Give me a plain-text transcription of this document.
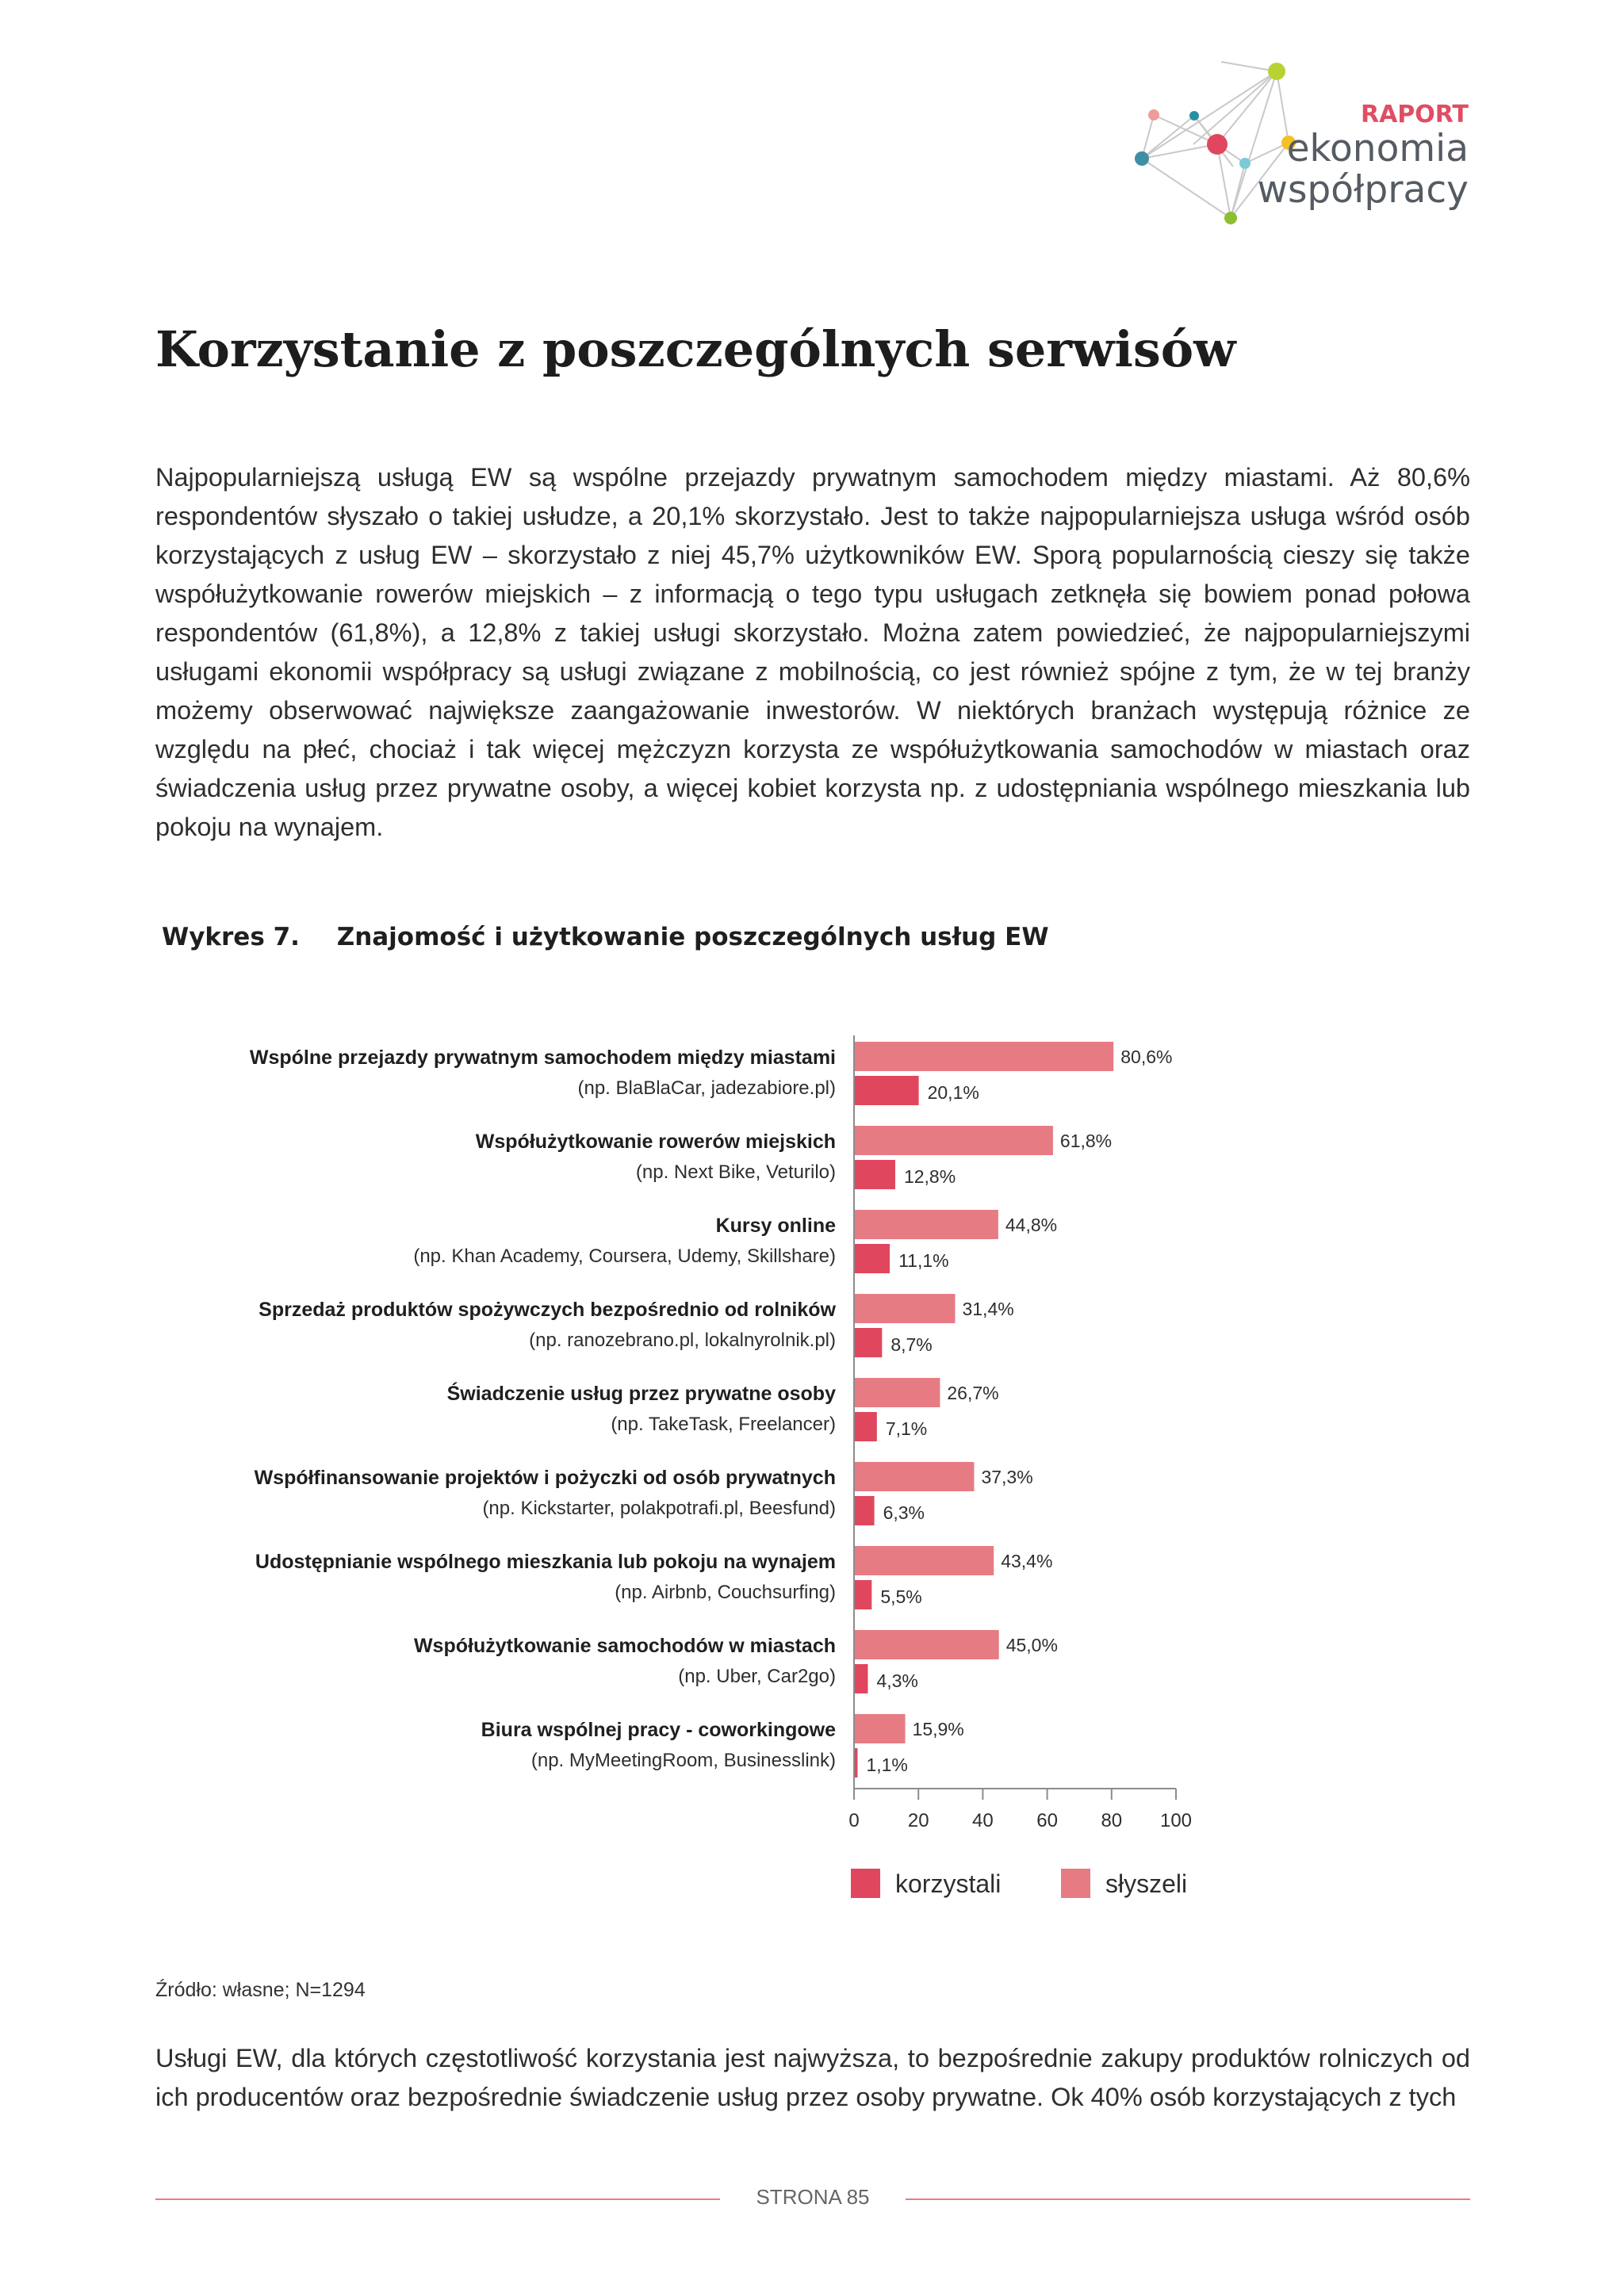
RAPORT
ekonomia
współpracy
Korzystanie z poszczególnych serwisów

Najpopularniejszą usługą EW są wspólne przejazdy prywatnym samochodem między miastami. Aż 80,6% respondentów słyszało o takiej usłudze, a 20,1% skorzystało. Jest to także najpopularniejsza usługa wśród osób korzystających z usług EW – skorzystało z niej 45,7% użytkowników EW. Sporą popularnością cieszy się także współużytkowanie rowerów miejskich – z informacją o tego typu usługach zetknęła się bowiem ponad połowa respondentów (61,8%), a 12,8% z takiej usługi skorzystało. Można zatem powiedzieć, że najpopularniejszymi usługami ekonomii współpracy są usługi związane z mobilnością, co jest również spójne z tym, że w tej branży możemy obserwować największe zaangażowanie inwestorów. W niektórych branżach występują różnice ze względu na płeć, chociaż i tak więcej mężczyzn korzysta ze współużytkowania samochodów w miastach oraz świadczenia usług przez prywatne osoby, a więcej kobiet korzysta np. z udostępniania wspólnego mieszkania lub pokoju na wynajem.

Wykres 7. Znajomość i użytkowanie poszczególnych usług EW
Wspólne przejazdy prywatnym samochodem między miastami
(np. BlaBlaCar, jadezabiore.pl)
80,6%
20,1%
Współużytkowanie rowerów miejskich
(np. Next Bike, Veturilo)
61,8%
12,8%
Kursy online
(np. Khan Academy, Coursera, Udemy, Skillshare)
44,8%
11,1%
Sprzedaż produktów spożywczych bezpośrednio od rolników
(np. ranozebrano.pl, lokalnyrolnik.pl)
31,4%
8,7%
Świadczenie usług przez prywatne osoby
(np. TakeTask, Freelancer)
26,7%
7,1%
Współfinansowanie projektów i pożyczki od osób prywatnych
(np. Kickstarter, polakpotrafi.pl, Beesfund)
37,3%
6,3%
Udostępnianie wspólnego mieszkania lub pokoju na wynajem
(np. Airbnb, Couchsurfing)
43,4%
5,5%
Współużytkowanie samochodów w miastach
(np. Uber, Car2go)
45,0%
4,3%
Biura wspólnej pracy - coworkingowe
(np. MyMeetingRoom, Businesslink)
15,9%
1,1%
0	20 40 60 80 100
korzystali	słyszeli
Źródło: własne; N=1294

Usługi EW, dla których częstotliwość korzystania jest najwyższa, to bezpośrednie zakupy produktów rolniczych od ich producentów oraz bezpośrednie świadczenie usług przez osoby prywatne. Ok 40% osób korzystających z tych

STRONA 85
